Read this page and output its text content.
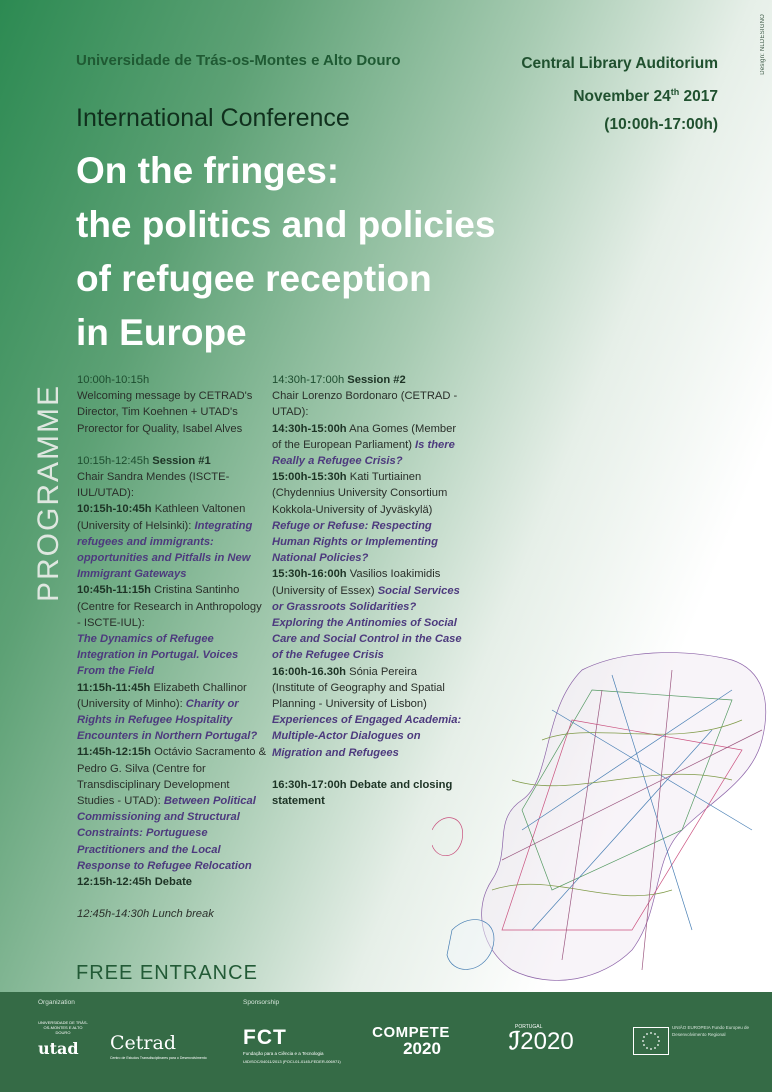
Design: NLDESIGNO
Universidade de Trás-os-Montes e Alto Douro	Central Library Auditorium
November 24th 2017
(10:00h-17:00h)
International Conference
On the fringes:
the politics and policies
of refugee reception
in Europe
PROGRAMME

10:00h-10:15h
Welcoming message by CETRAD's Director, Tim Koehnen + UTAD's Prorector for Quality, Isabel Alves

10:15h-12:45h Session #1
Chair Sandra Mendes (ISCTE-IUL/UTAD):
10:15h-10:45h Kathleen Valtonen (University of Helsinki): Integrating refugees and immigrants: opportunities and Pitfalls in New Immigrant Gateways
10:45h-11:15h Cristina Santinho (Centre for Research in Anthropology - ISCTE-IUL):
The Dynamics of Refugee Integration in Portugal. Voices From the Field
11:15h-11:45h Elizabeth Challinor (University of Minho): Charity or Rights in Refugee Hospitality Encounters in Northern Portugal?
11:45h-12:15h Octávio Sacramento & Pedro G. Silva (Centre for Transdisciplinary Development Studies - UTAD): Between Political Commissioning and Structural Constraints: Portuguese Practitioners and the Local Response to Refugee Relocation
12:15h-12:45h Debate

12:45h-14:30h Lunch break

14:30h-17:00h Session #2
Chair Lorenzo Bordonaro (CETRAD - UTAD):
14:30h-15:00h Ana Gomes (Member of the European Parliament) Is there Really a Refugee Crisis?
15:00h-15:30h Kati Turtiainen (Chydennius University Consortium Kokkola-University of Jyväskylä) Refuge or Refuse: Respecting Human Rights or Implementing National Policies?
15:30h-16:00h Vasilios Ioakimidis (University of Essex) Social Services or Grassroots Solidarities? Exploring the Antinomies of Social Care and Social Control in the Case of the Refugee Crisis
16:00h-16.30h Sónia Pereira (Institute of Geography and Spatial Planning - University of Lisbon) Experiences of Engaged Academia: Multiple-Actor Dialogues on Migration and Refugees

16:30h-17:00h Debate and closing statement

FREE ENTRANCE
Organization	Sponsorship
UNIVERSIDADE DE TRÁS-OS-MONTES E ALTO DOURO
utad	Cetrad
Centro de Estudos Transdisciplinares para o Desenvolvimento
FCT
Fundação para a Ciência e a Tecnologia
UID/SOC/04011/2013 (POCI-01-0145-FEDER-006971)
COMPETE
2020
PORTUGAL
ℐ2020
UNIÃO EUROPEIA Fundo Europeu de Desenvolvimento Regional
